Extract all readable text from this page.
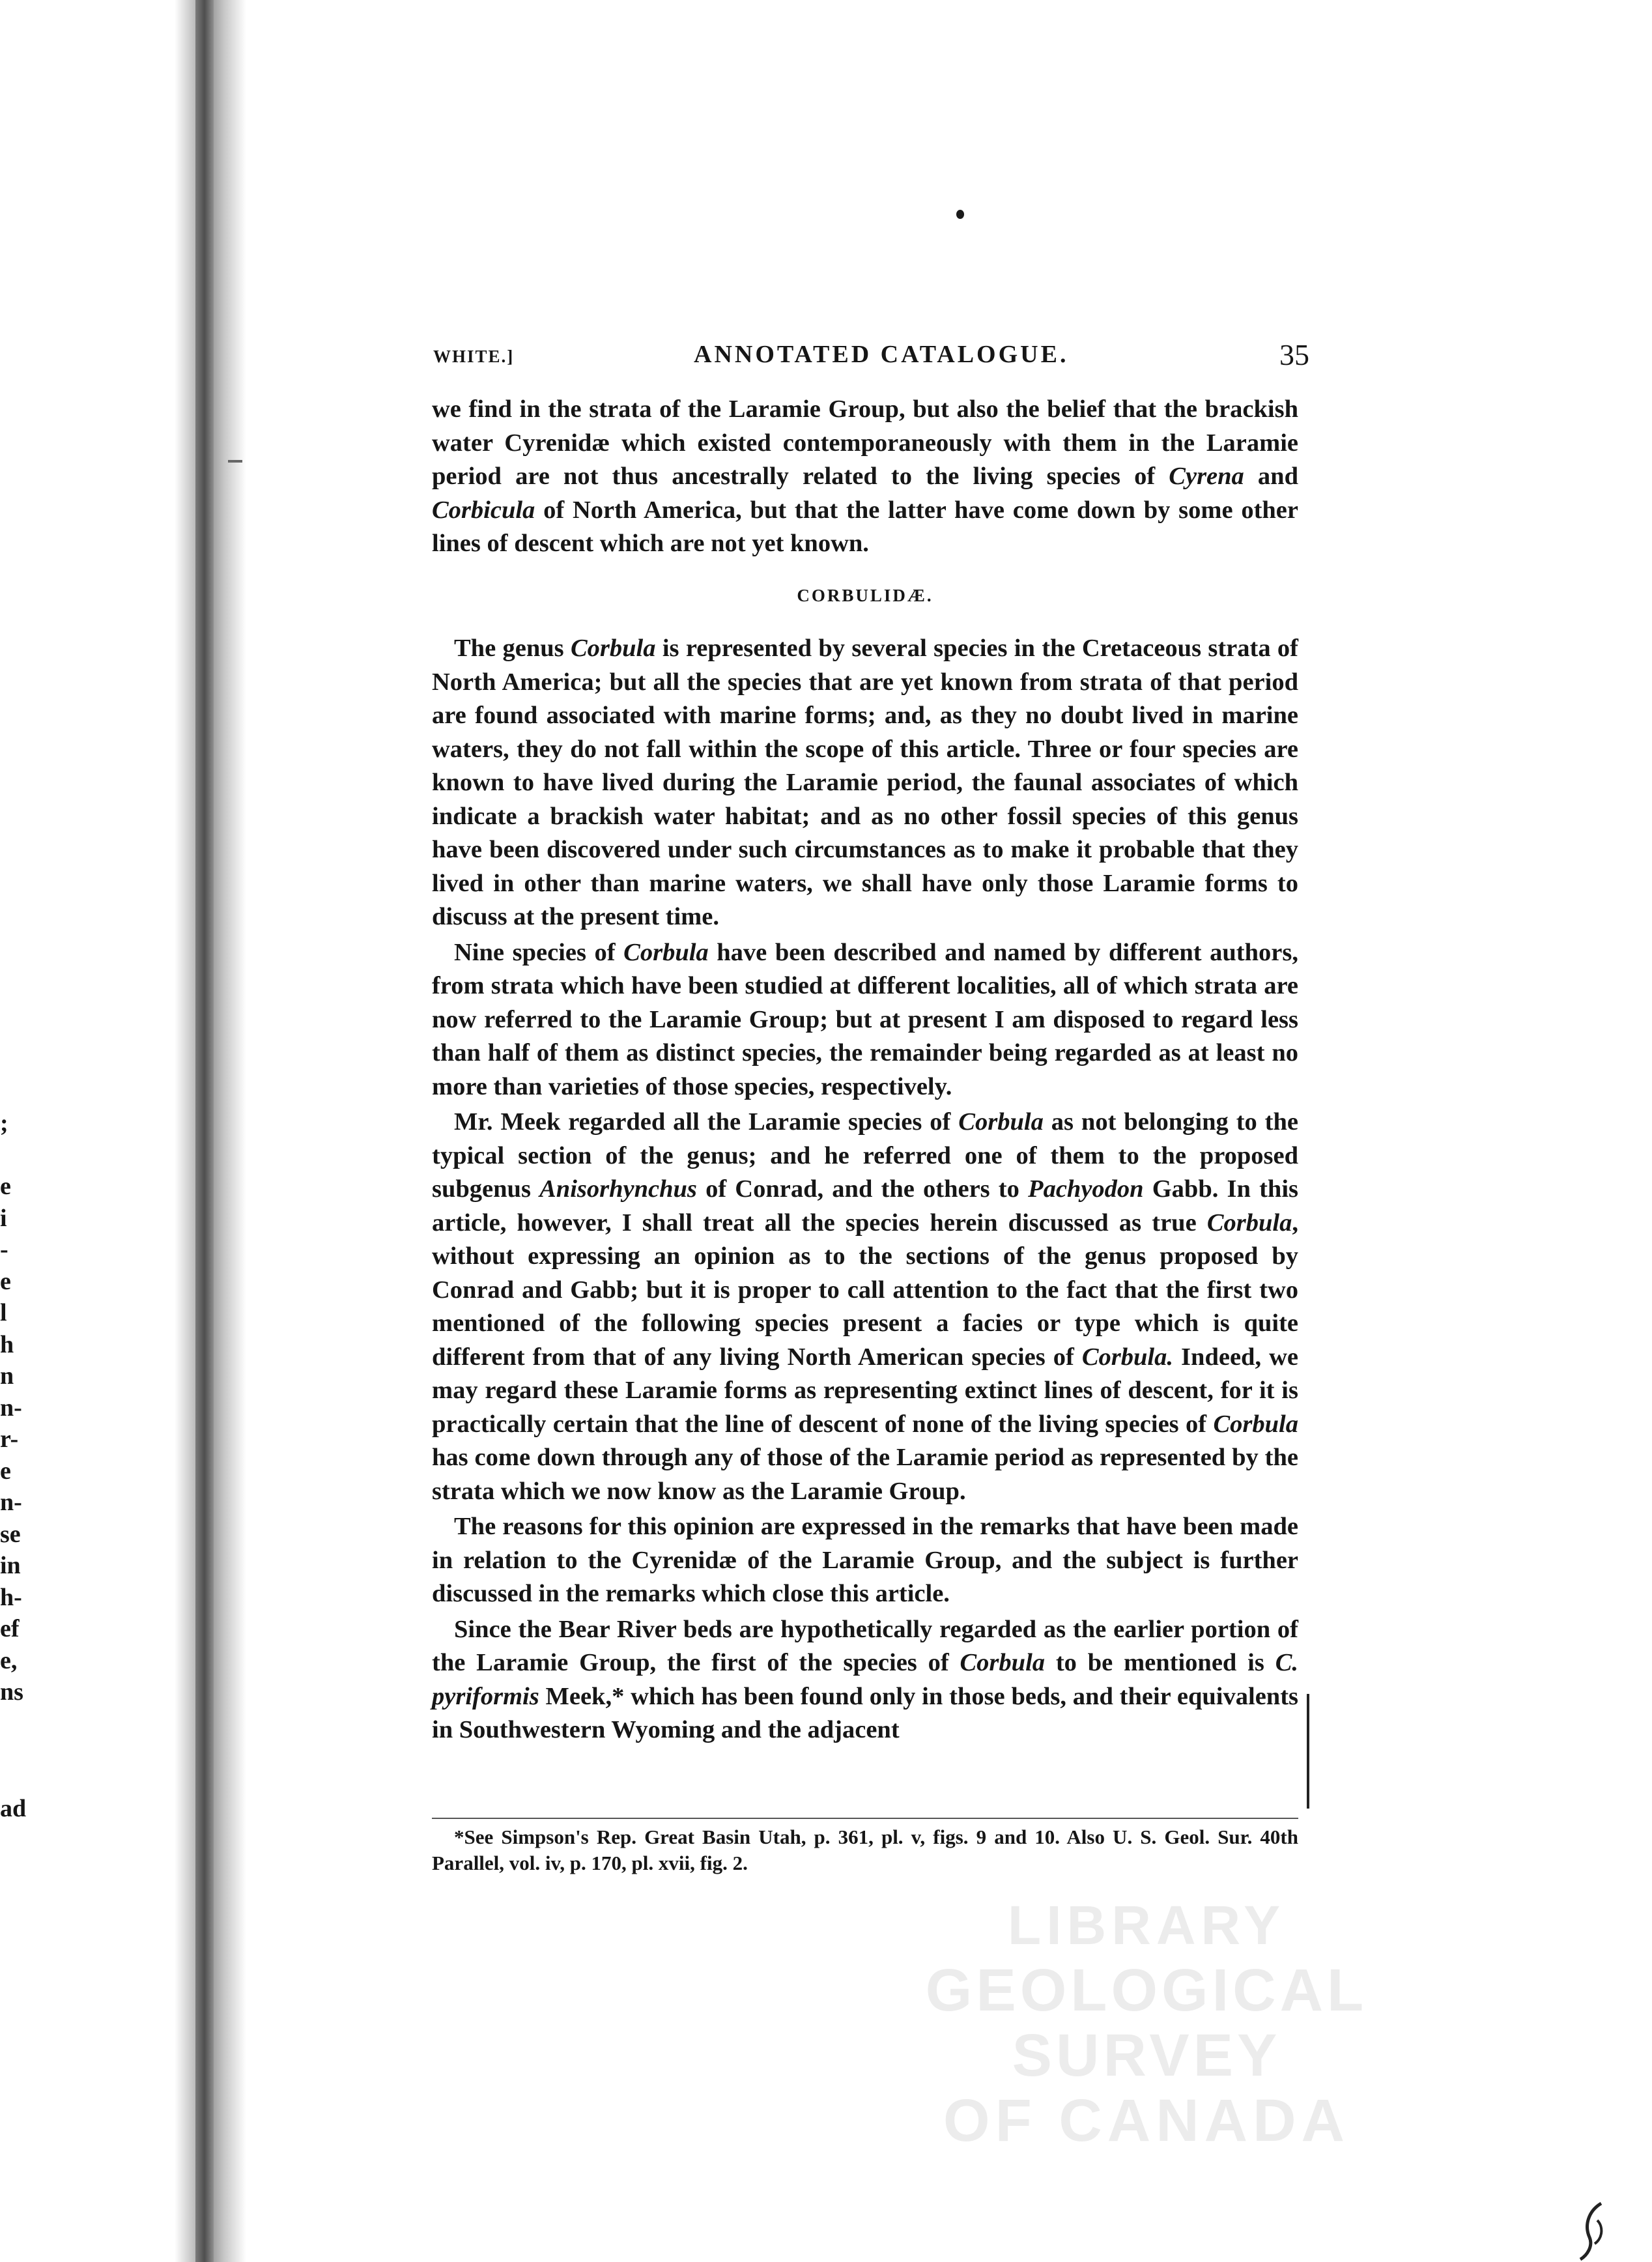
;
e
i
-
e
l
h
n
n-
r-
e
n-
se
in
h-
ef
e,
ns
ad
WHITE.]	ANNOTATED CATALOGUE.	35

we find in the strata of the Laramie Group, but also the belief that the brackish water Cyrenidæ which existed contemporaneously with them in the Laramie period are not thus ancestrally related to the living species of Cyrena and Corbicula of North America, but that the latter have come down by some other lines of descent which are not yet known.

CORBULIDÆ.

The genus Corbula is represented by several species in the Cretaceous strata of North America; but all the species that are yet known from strata of that period are found associated with marine forms; and, as they no doubt lived in marine waters, they do not fall within the scope of this article. Three or four species are known to have lived during the Laramie period, the faunal associates of which indicate a brackish water habitat; and as no other fossil species of this genus have been discovered under such circumstances as to make it probable that they lived in other than marine waters, we shall have only those Laramie forms to discuss at the present time.

Nine species of Corbula have been described and named by different authors, from strata which have been studied at different localities, all of which strata are now referred to the Laramie Group; but at present I am disposed to regard less than half of them as distinct species, the remainder being regarded as at least no more than varieties of those species, respectively.

Mr. Meek regarded all the Laramie species of Corbula as not belonging to the typical section of the genus; and he referred one of them to the proposed subgenus Anisorhynchus of Conrad, and the others to Pachyodon Gabb. In this article, however, I shall treat all the species herein discussed as true Corbula, without expressing an opinion as to the sections of the genus proposed by Conrad and Gabb; but it is proper to call attention to the fact that the first two mentioned of the following species present a facies or type which is quite different from that of any living North American species of Corbula. Indeed, we may regard these Laramie forms as representing extinct lines of descent, for it is practically certain that the line of descent of none of the living species of Corbula has come down through any of those of the Laramie period as represented by the strata which we now know as the Laramie Group.

The reasons for this opinion are expressed in the remarks that have been made in relation to the Cyrenidæ of the Laramie Group, and the subject is further discussed in the remarks which close this article.

Since the Bear River beds are hypothetically regarded as the earlier portion of the Laramie Group, the first of the species of Corbula to be mentioned is C. pyriformis Meek,* which has been found only in those beds, and their equivalents in Southwestern Wyoming and the adjacent

*See Simpson's Rep. Great Basin Utah, p. 361, pl. v, figs. 9 and 10. Also U. S. Geol. Sur. 40th Parallel, vol. iv, p. 170, pl. xvii, fig. 2.

LIBRARY
GEOLOGICAL SURVEY
OF CANADA
